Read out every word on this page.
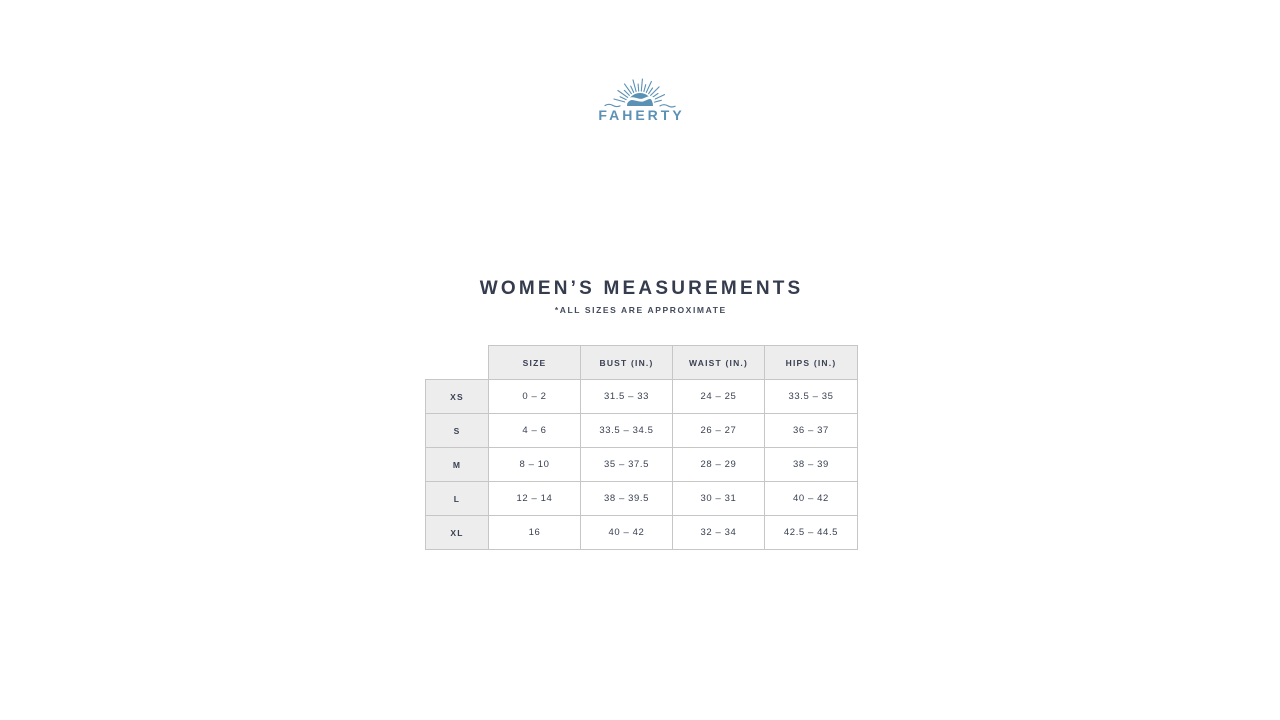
FAHERTY
WOMEN’S MEASUREMENTS
*ALL SIZES ARE APPROXIMATE
	SIZE	BUST (IN.)	WAIST (IN.)	HIPS (IN.)
XS	0 – 2	31.5 – 33	24 – 25	33.5 – 35
S	4 – 6	33.5 – 34.5	26 – 27	36 – 37
M	8 – 10	35 – 37.5	28 – 29	38 – 39
L	12 – 14	38 – 39.5	30 – 31	40 – 42
XL	16	40 – 42	32 – 34	42.5 – 44.5
